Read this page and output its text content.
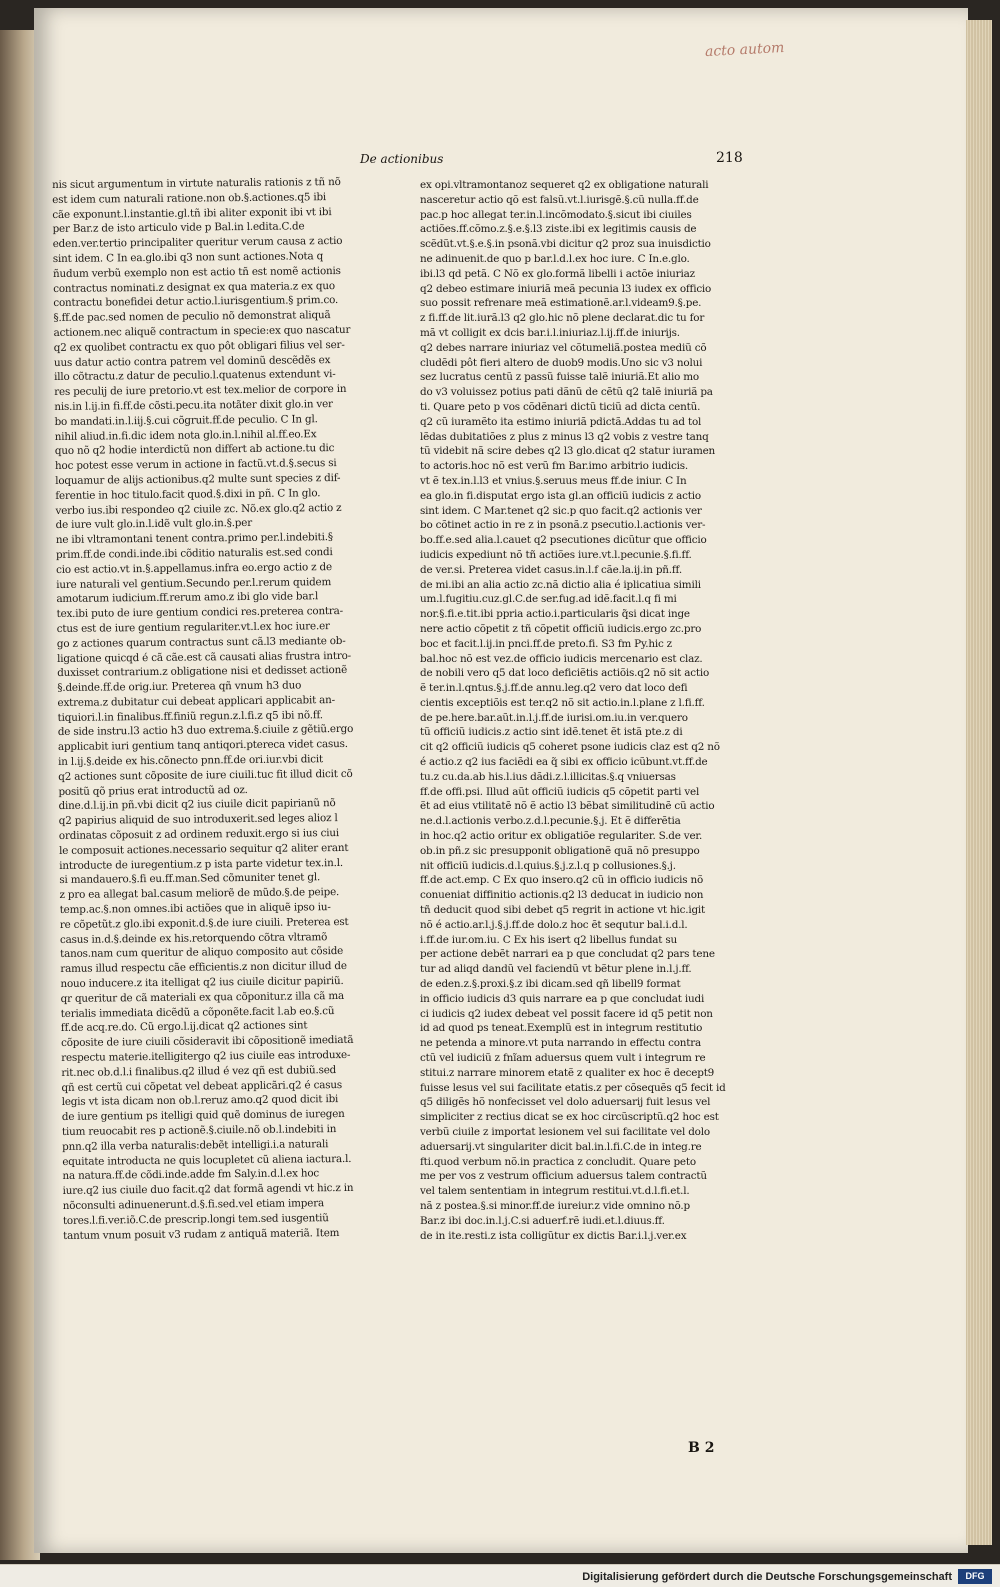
acto autom
De actionibus	218
nis sicut argumentum in virtute naturalis rationis z tñ nõ
est idem cum naturali ratione.non ob.§.actiones.q5 ibi
cãe exponunt.l.instantie.gl.tñ ibi aliter exponit ibi vt ibi
per Bar.z de isto articulo vide p Bal.in l.edita.C.de
eden.ver.tertio principaliter queritur verum causa z actio
sint idem. C In ea.glo.ibi q3 non sunt actiones.Nota q
ñudum verbũ exemplo non est actio tñ est nomẽ actionis
contractus nominati.z designat ex qua materia.z ex quo
contractu bonefidei detur actio.l.iurisgentium.§ prim.co.
§.ff.de pac.sed nomen de peculio nõ demonstrat aliquã
actionem.nec aliquẽ contractum in specie:ex quo nascatur
q2 ex quolibet contractu ex quo pôt obligari filius vel ser-
uus datur actio contra patrem vel dominũ descẽdẽs ex
illo cõtractu.z datur de peculio.l.quatenus extendunt vi-
res peculij de iure pretorio.vt est tex.melior de corpore in
nis.in l.ij.in fi.ff.de cõsti.pecu.ita notãter dixit glo.in ver
bo mandati.in.l.iij.§.cui cõgruit.ff.de peculio. C In gl.
nihil aliud.in.fi.dic idem nota glo.in.l.nihil al.ff.eo.Ex
quo nõ q2 hodie interdictũ non differt ab actione.tu dic
hoc potest esse verum in actione in factũ.vt.d.§.secus si
loquamur de alijs actionibus.q2 multe sunt species z dif-
ferentie in hoc titulo.facit quod.§.dixi in pñ. C In glo.
verbo ius.ibi respondeo q2 ciuile zc. Nõ.ex glo.q2 actio z
de iure vult glo.in.l.idẽ vult glo.in.§.per
ne ibi vltramontani tenent contra.primo per.l.indebiti.§
prim.ff.de condi.inde.ibi cõditio naturalis est.sed condi
cio est actio.vt in.§.appellamus.infra eo.ergo actio z de
iure naturali vel gentium.Secundo per.l.rerum quidem
amotarum iudicium.ff.rerum amo.z ibi glo vide bar.l
tex.ibi puto de iure gentium condici res.preterea contra-
ctus est de iure gentium regulariter.vt.l.ex hoc iure.er
go z actiones quarum contractus sunt cã.l3 mediante ob-
ligatione quicqd é cã cãe.est cã causati alias frustra intro-
duxisset contrarium.z obligatione nisi et dedisset actionẽ
§.deinde.ff.de orig.iur. Preterea qñ vnum h3 duo
extrema.z dubitatur cui debeat applicari applicabit an-
tiquiori.l.in finalibus.ff.finiũ regun.z.l.fi.z q5 ibi nõ.ff.
de side instru.l3 actio h3 duo extrema.§.ciuile z gẽtiũ.ergo
applicabit iuri gentium tanq antiqori.ptereca videt casus.
in l.ij.§.deide ex his.cõnecto pnn.ff.de ori.iur.vbi dicit
q2 actiones sunt cõposite de iure ciuili.tuc fit illud dicit cõ
positũ qõ prius erat introductũ ad oz.
dine.d.l.ij.in pñ.vbi dicit q2 ius ciuile dicit papirianũ nõ
q2 papirius aliquid de suo introduxerit.sed leges alioz l
ordinatas cõposuit z ad ordinem reduxit.ergo si ius ciui
le composuit actiones.necessario sequitur q2 aliter erant
introducte de iuregentium.z p ista parte videtur tex.in.l.
si mandauero.§.fi eu.ff.man.Sed cõmuniter tenet gl.
z pro ea allegat bal.casum meliorẽ de mũdo.§.de peipe.
temp.ac.§.non omnes.ibi actiões que in aliquẽ ipso iu-
re cõpetũt.z glo.ibi exponit.d.§.de iure ciuili. Preterea est
casus in.d.§.deinde ex his.retorquendo cõtra vltramõ
tanos.nam cum queritur de aliquo composito aut cõside
ramus illud respectu cãe efficientis.z non dicitur illud de
nouo inducere.z ita itelligat q2 ius ciuile dicitur papiriũ.
qr queritur de cã materiali ex qua cõponitur.z illa cã ma
terialis immediata dicẽdũ a cõponẽte.facit l.ab eo.§.cũ
ff.de acq.re.do. Cũ ergo.l.ij.dicat q2 actiones sint
cõposite de iure ciuili cõsideravit ibi cõpositionẽ imediatã
respectu materie.itelligitergo q2 ius ciuile eas introduxe-
rit.nec ob.d.l.i finalibus.q2 illud é vez qñ est dubiũ.sed
qñ est certũ cui cõpetat vel debeat applicãri.q2 é casus
legis vt ista dicam non ob.l.reruz amo.q2 quod dicit ibi
de iure gentium ps itelligi quid quẽ dominus de iuregen
tium reuocabit res p actionẽ.§.ciuile.nõ ob.l.indebiti in
pnn.q2 illa verba naturalis:debẽt intelligi.i.a naturali
equitate introducta ne quis locupletet cũ aliena iactura.l.
na natura.ff.de cõdi.inde.adde fm Saly.in.d.l.ex hoc
iure.q2 ius ciuile duo facit.q2 dat formã agendi vt hic.z in
nõconsulti adinuenerunt.d.§.fi.sed.vel etiam impera
tores.l.fi.ver.iõ.C.de prescrip.longi tem.sed iusgentiũ
tantum vnum posuit v3 rudam z antiquã materiã. Item
ex opi.vltramontanoz sequeret q2 ex obligatione naturali
nasceretur actio qõ est falsũ.vt.l.iurisgẽ.§.cũ nulla.ff.de
pac.p hoc allegat ter.in.l.incõmodato.§.sicut ibi ciuiles
actiões.ff.cõmo.z.§.e.§.l3 ziste.ibi ex legitimis causis de
scẽdũt.vt.§.e.§.in psonã.vbi dicitur q2 proz sua inuisdictio
ne adinuenit.de quo p bar.l.d.l.ex hoc iure. C In.e.glo.
ibi.l3 qd petã. C Nõ ex glo.formã libelli i actõe iniuriaz
q2 debeo estimare iniuriã meã pecunia l3 iudex ex officio
suo possit refrenare meã estimationẽ.ar.l.videam9.§.pe.
z fi.ff.de lit.iurã.l3 q2 glo.hic nõ plene declarat.dic tu for
mã vt colligit ex dcis bar.i.l.iniuriaz.l.ij.ff.de iniurijs.
q2 debes narrare iniuriaz vel cõtumeliã.postea mediũ cõ
cludẽdi pôt fieri altero de duob9 modis.Uno sic v3 nolui
sez lucratus centũ z passũ fuisse talẽ iniuriã.Et alio mo
do v3 voluissez potius pati dãnũ de cẽtũ q2 talẽ iniuriã pa
ti. Quare peto p vos cõdẽnari dictũ ticiũ ad dicta centũ.
q2 cũ iuramẽto ita estimo iniuriã pdictã.Addas tu ad tol
lẽdas dubitatiões z plus z minus l3 q2 vobis z vestre tanq
tũ videbit nã scire debes q2 l3 glo.dicat q2 statur iuramen
to actoris.hoc nõ est verũ fm Bar.imo arbitrio iudicis.
vt ẽ tex.in.l.l3 et vnius.§.seruus meus ff.de iniur. C In
ea glo.in fi.disputat ergo ista gl.an officiũ iudicis z actio
sint idem. C Mar.tenet q2 sic.p quo facit.q2 actionis ver
bo cõtinet actio in re z in psonã.z psecutio.l.actionis ver-
bo.ff.e.sed alia.l.cauet q2 psecutiones dicũtur que officio
iudicis expediunt nõ tñ actiões iure.vt.l.pecunie.§.fi.ff.
de ver.si. Preterea videt casus.in.l.f cãe.la.ij.in pñ.ff.
de mi.ibi an alia actio zc.nã dictio alia é iplicatiua simili
um.l.fugitiu.cuz.gl.C.de ser.fug.ad idẽ.facit.l.q fi mi
nor.§.fi.e.tit.ibi ppria actio.i.particularis q̃si dicat inge
nere actio cõpetit z tñ cõpetit officiũ iudicis.ergo zc.pro
boc et facit.l.ij.in pnci.ff.de preto.fi. S3 fm Py.hic z
bal.hoc nõ est vez.de officio iudicis mercenario est claz.
de nobili vero q5 dat loco deficiẽtis actiõis.q2 nõ sit actio
ẽ ter.in.l.qntus.§.j.ff.de annu.leg.q2 vero dat loco defi
cientis exceptiõis est ter.q2 nõ sit actio.in.l.plane z l.fi.ff.
de pe.here.bar.aũt.in.l.j.ff.de iurisi.om.iu.in ver.quero
tũ officiũ iudicis.z actio sint idẽ.tenet ẽt istã pte.z di
cit q2 officiũ iudicis q5 coheret psone iudicis claz est q2 nõ
é actio.z q2 ius faciẽdi ea q̃ sibi ex officio icũbunt.vt.ff.de
tu.z cu.da.ab his.l.ius dãdi.z.l.illicitas.§.q vniuersas
ff.de offi.psi. Illud aũt officiũ iudicis q5 cõpetit parti vel
ẽt ad eius vtilitatẽ nõ ẽ actio l3 bẽbat similitudinẽ cũ actio
ne.d.l.actionis verbo.z.d.l.pecunie.§.j. Et ẽ differẽtia
in hoc.q2 actio oritur ex obligatiõe regulariter. S.de ver.
ob.in pñ.z sic presupponit obligationẽ quã nõ presuppo
nit officiũ iudicis.d.l.quius.§.j.z.l.q p collusiones.§.j.
ff.de act.emp. C Ex quo insero.q2 cũ in officio iudicis nõ
conueniat diffinitio actionis.q2 l3 deducat in iudicio non
tñ deducit quod sibi debet q5 regrit in actione vt hic.igit
nõ é actio.ar.l.j.§.j.ff.de dolo.z hoc ẽt sequtur bal.i.d.l.
i.ff.de iur.om.iu. C Ex his isert q2 libellus fundat su
per actione debẽt narrari ea p que concludat q2 pars tene
tur ad aliqd dandũ vel faciendũ vt bẽtur plene in.l.j.ff.
de eden.z.§.proxi.§.z ibi dicam.sed qñ libell9 format
in officio iudicis d3 quis narrare ea p que concludat iudi
ci iudicis q2 iudex debeat vel possit facere id q5 petit non
id ad quod ps teneat.Exemplũ est in integrum restitutio
ne petenda a minore.vt puta narrando in effectu contra
ctũ vel iudiciũ z fnĩam aduersus quem vult i integrum re
stitui.z narrare minorem etatẽ z qualiter ex hoc ẽ decept9
fuisse lesus vel sui facilitate etatis.z per cõsequẽs q5 fecit id
q5 diligẽs hõ nonfecisset vel dolo aduersarij fuit lesus vel
simpliciter z rectius dicat se ex hoc circũscriptũ.q2 hoc est
verbũ ciuile z importat lesionem vel sui facilitate vel dolo
aduersarij.vt singulariter dicit bal.in.l.fi.C.de in integ.re
fti.quod verbum nõ.in practica z concludit. Quare peto
me per vos z vestrum officium aduersus talem contractũ
vel talem sententiam in integrum restitui.vt.d.l.fi.et.l.
nã z postea.§.si minor.ff.de iureiur.z vide omnino nõ.p
Bar.z ibi doc.in.l.j.C.si aduerf.rẽ iudi.et.l.diuus.ff.
de in ite.resti.z ista colligũtur ex dictis Bar.i.l.j.ver.ex
B 2
Digitalisierung gefördert durch die Deutsche Forschungsgemeinschaft	DFG
